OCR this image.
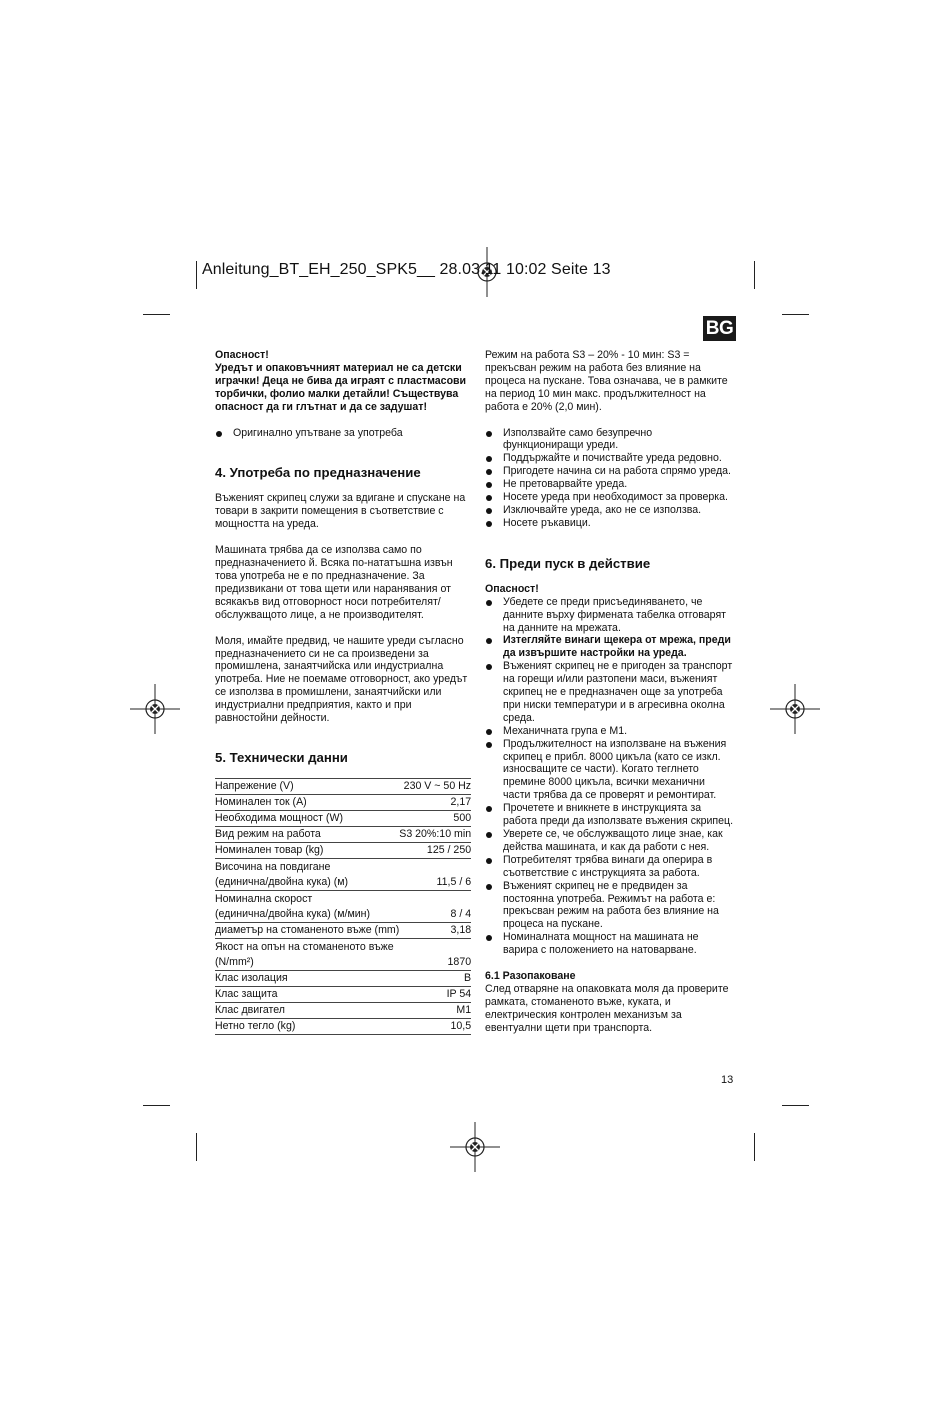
Anleitung_BT_EH_250_SPK5__ 28.03.11 10:02 Seite 13
BG

Опасност!

Уредът и опаковъчният материал не са детски играчки! Деца не бива да играят с пластмасови торбички, фолио малки детайли! Съществува опасност да ги глътнат и да се задушат!

Оригинално упътване за употреба

4. Употреба по предназначение

Въженият скрипец служи за вдигане и спускане на товари в закрити помещения в съответствие с мощността на уреда.

Машината трябва да се използва само по предназначението й. Всяка по-нататъшна извън това употреба не е по предназначение. За предизвикани от това щети или наранявания от всякакъв вид отговорност носи потребителят/обслужващото лице, а не производителят.

Моля, имайте предвид, че нашите уреди съгласно предназначението си не са произведени за промишлена, занаятчийска или индустриална употреба. Ние не поемаме отговорност, ако уредът се използва в промишлени, занаятчийски или индустриални предприятия, както и при равностойни дейности.

5. Технически данни

Напрежение (V)	230 V ~ 50 Hz
Номинален ток (A)	2,17
Необходима мощност (W)	500
Вид режим на работа	S3 20%:10 min
Номинален товар (kg)	125 / 250
Височина на повдигане	
(единична/двойна кука) (м)	11,5 / 6
Номинална скорост	
(единична/двойна кука) (м/мин)	8 / 4
диаметър на стоманеното въже (mm)	3,18
Якост на опън на стоманеното въже	
(N/mm²)	1870
Клас изолация	B
Клас защита	IP 54
Клас двигател	M1
Нетно тегло (kg)	10,5

Режим на работа S3 – 20% - 10 мин: S3 = прекъсван режим на работа без влияние на процеса на пускане. Това означава, че в рамките на период 10 мин макс. продължителност на работа е 20% (2,0 мин).

Използвайте само безупречно функциониращи уреди.

Поддържайте и почиствайте уреда редовно.

Пригодете начина си на работа спрямо уреда.

Не претоварвайте уреда.

Носете уреда при необходимост за проверка.

Изключвайте уреда, ако не се използва.

Носете ръкавици.

6. Преди пуск в действие

Опасност!

Убедете се преди присъединяването, че данните върху фирмената табелка отговарят на данните на мрежата.

Изтегляйте винаги щекера от мрежа, преди да извършите настройки на уреда.

Въженият скрипец не е пригоден за транспорт на горещи и/или разтопени маси, въженият скрипец не е предназначен още за употреба при ниски температури и в агресивна околна среда.

Механичната група е M1.

Продължителност на използване на въжения скрипец е прибл. 8000 цикъла (като се изкл. износващите се части). Когато теглнето премине 8000 цикъла, всички механични части трябва да се проверят и ремонтират.

Прочетете и вникнете в инструкцията за работа преди да използвате въжения скрипец.

Уверете се, че обслужващото лице знае, как действа машината, и как да работи с нея.

Потребителят трябва винаги да оперира в съответствие с инструкцията за работа.

Въженият скрипец не е предвиден за постоянна употреба. Режимът на работа е: прекъсван режим на работа без влияние на процеса на пускане.

Номиналната мощност на машината не варира с положението на натоварване.

6.1 Разопаковане

След отваряне на опаковката моля да проверите рамката, стоманеното въже, куката, и електрическия контролен механизъм за евентуални щети при транспорта.

13
